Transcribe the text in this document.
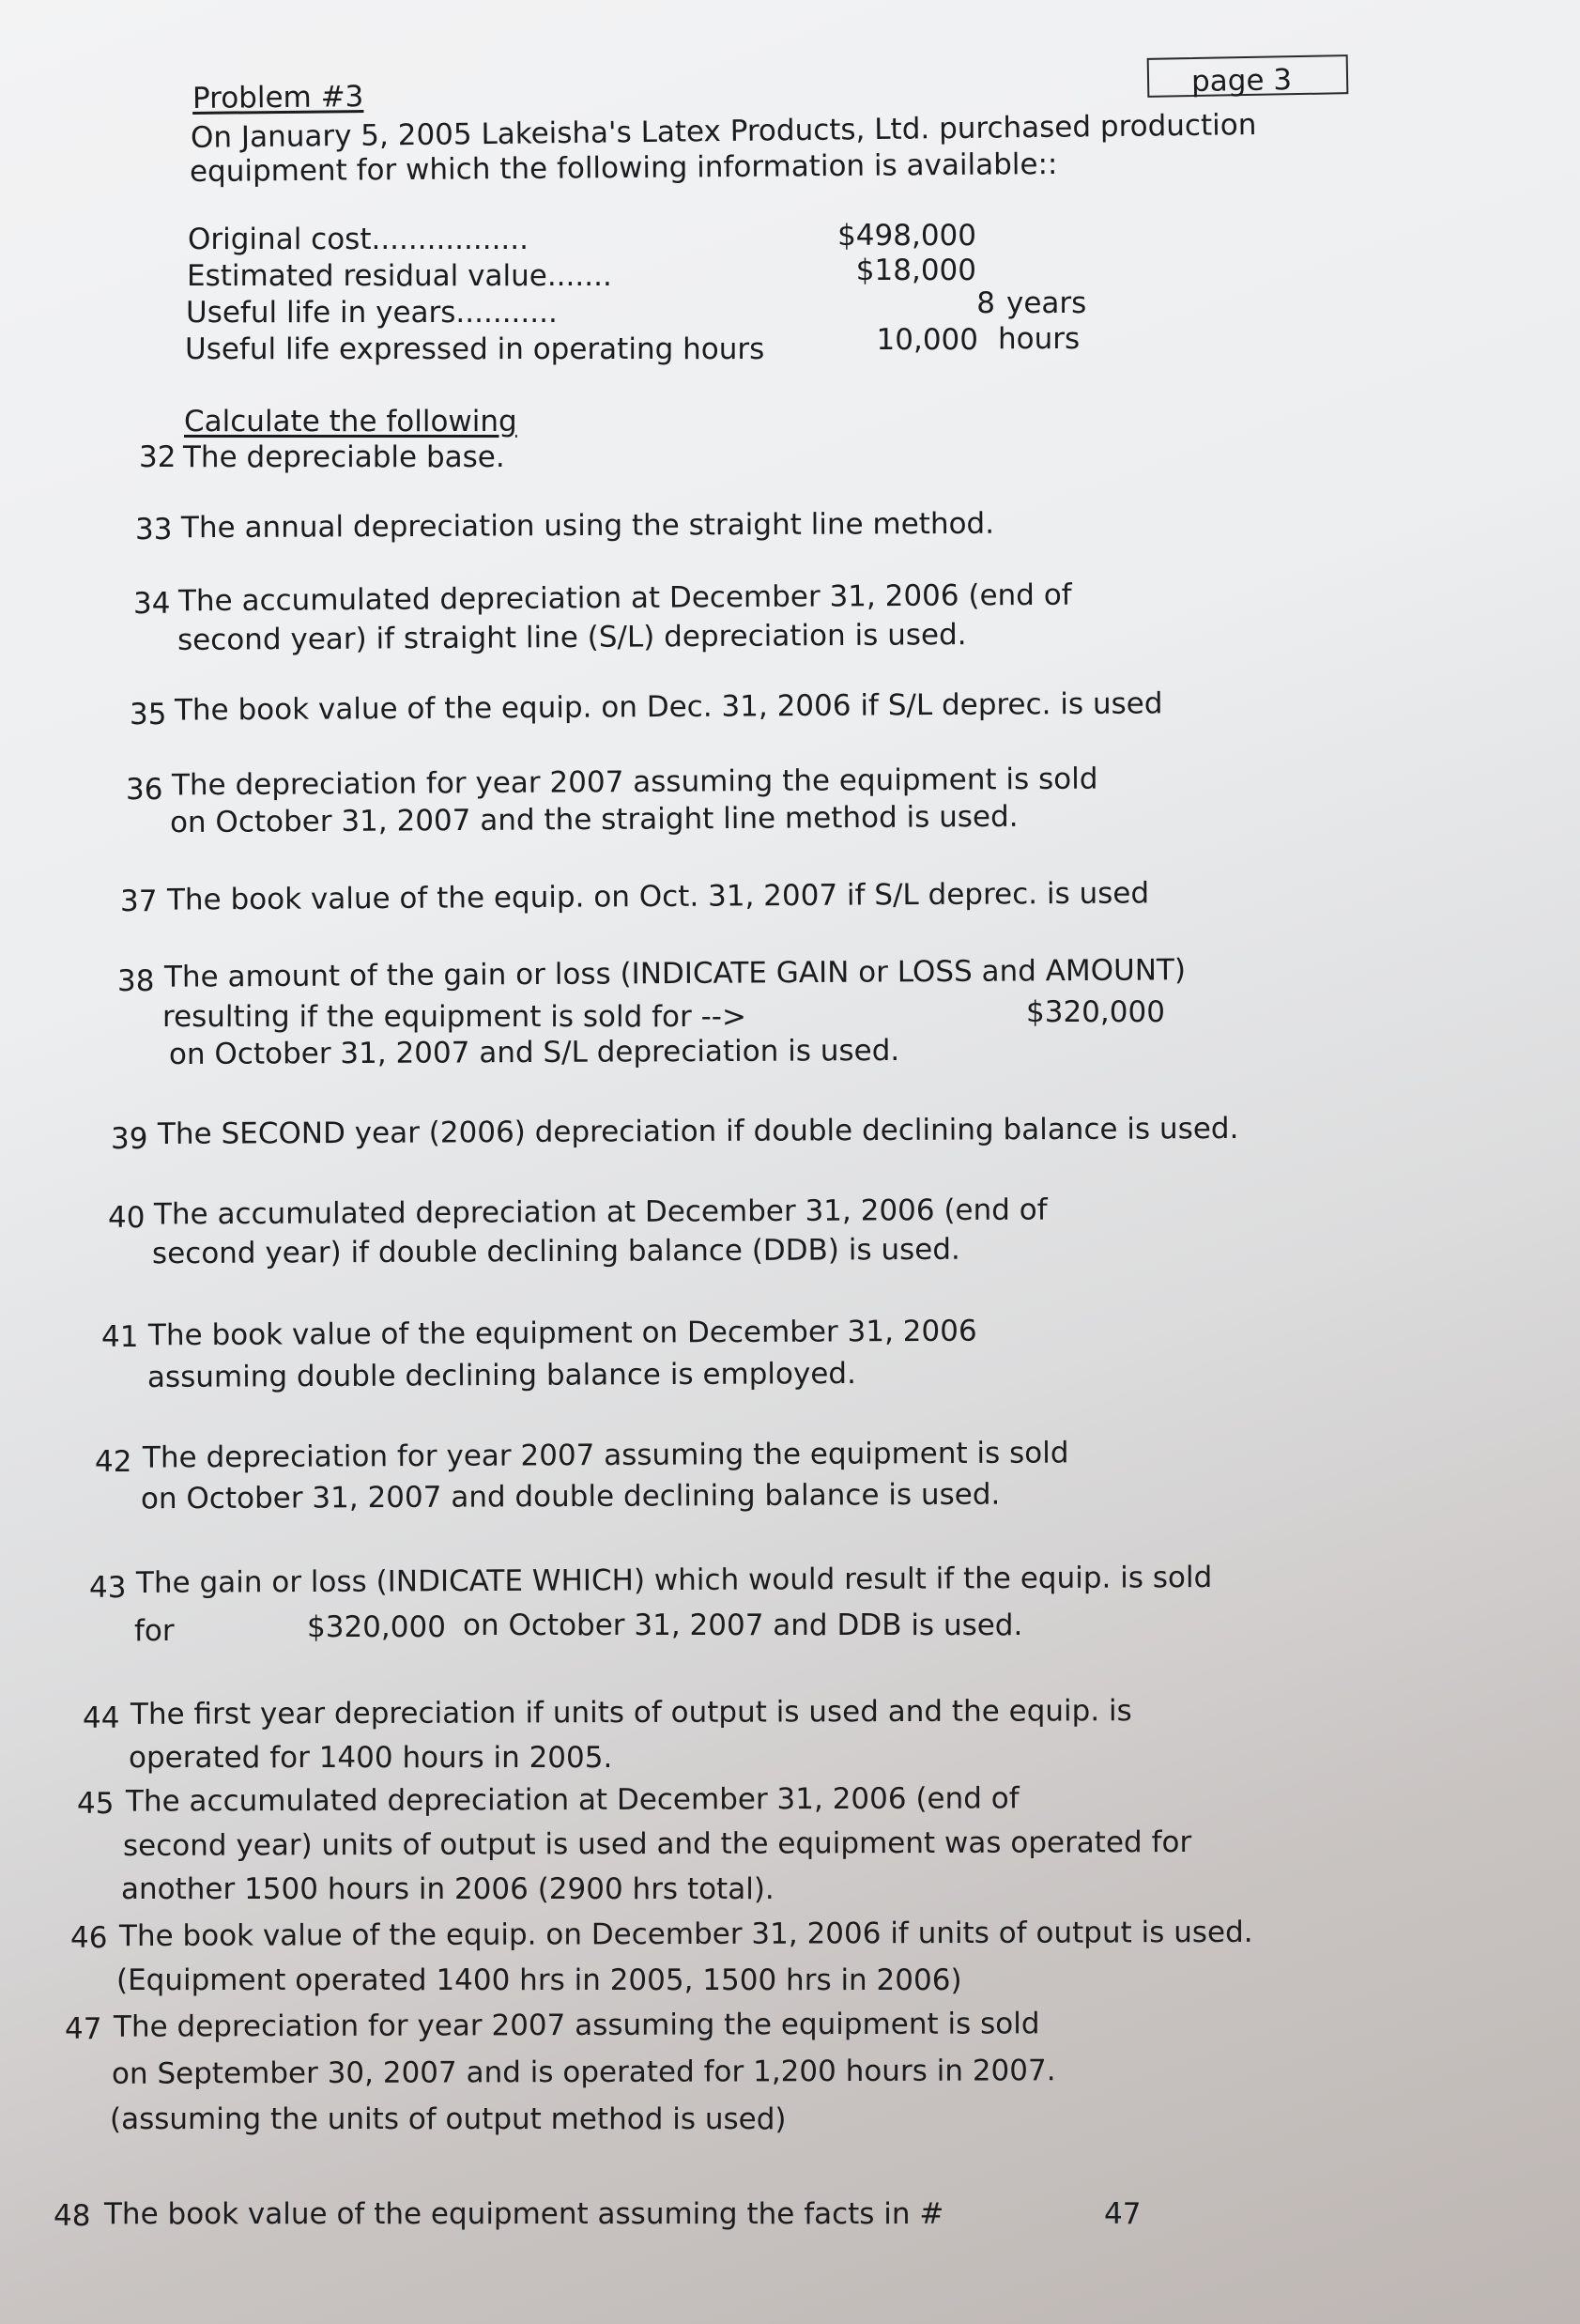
page 3
Problem #3
On January 5, 2005 Lakeisha's Latex Products, Ltd. purchased production
equipment for which the following information is available::
Original cost.................	$498,000
Estimated residual value.......	$18,000
Useful life in years...........	8 years
Useful life expressed in operating hours	10,000 hours
Calculate the following
32 The depreciable base.
33 The annual depreciation using the straight line method.
34 The accumulated depreciation at December 31, 2006 (end of
second year) if straight line (S/L) depreciation is used.
35 The book value of the equip. on Dec. 31, 2006 if S/L deprec. is used
36 The depreciation for year 2007 assuming the equipment is sold
on October 31, 2007 and the straight line method is used.
37 The book value of the equip. on Oct. 31, 2007 if S/L deprec. is used
38 The amount of the gain or loss (INDICATE GAIN or LOSS and AMOUNT)
resulting if the equipment is sold for -->	$320,000
on October 31, 2007 and S/L depreciation is used.
39 The SECOND year (2006) depreciation if double declining balance is used.
40 The accumulated depreciation at December 31, 2006 (end of
second year) if double declining balance (DDB) is used.
41 The book value of the equipment on December 31, 2006
assuming double declining balance is employed.
42 The depreciation for year 2007 assuming the equipment is sold
on October 31, 2007 and double declining balance is used.
43 The gain or loss (INDICATE WHICH) which would result if the equip. is sold
for	$320,000 on October 31, 2007 and DDB is used.
44 The first year depreciation if units of output is used and the equip. is
operated for 1400 hours in 2005.
45 The accumulated depreciation at December 31, 2006 (end of
second year) units of output is used and the equipment was operated for
another 1500 hours in 2006 (2900 hrs total).
46 The book value of the equip. on December 31, 2006 if units of output is used.
(Equipment operated 1400 hrs in 2005, 1500 hrs in 2006)
47 The depreciation for year 2007 assuming the equipment is sold
on September 30, 2007 and is operated for 1,200 hours in 2007.
(assuming the units of output method is used)
48 The book value of the equipment assuming the facts in #	47
